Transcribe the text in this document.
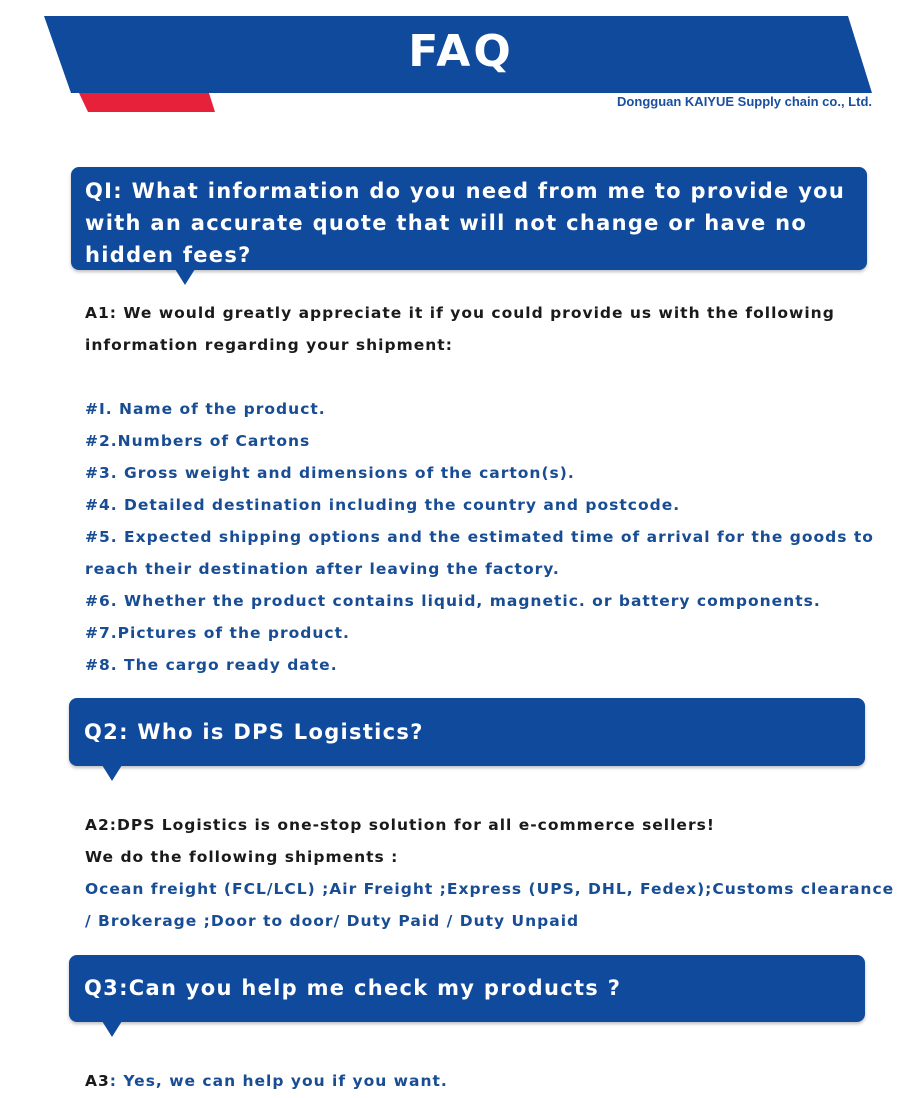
FAQ
Dongguan KAIYUE Supply chain co., Ltd.

QI: What information do you need from me to provide you with an accurate quote that will not change or have no hidden fees?

A1: We would greatly appreciate it if you could provide us with the following

information regarding your shipment:

#I. Name of the product.

#2.Numbers of Cartons

#3. Gross weight and dimensions of the carton(s).

#4. Detailed destination including the country and postcode.

#5. Expected shipping options and the estimated time of arrival for the goods to

reach their destination after leaving the factory.

#6. Whether the product contains liquid, magnetic. or battery components.

#7.Pictures of the product.

#8. The cargo ready date.

Q2: Who is DPS Logistics?

A2:DPS Logistics is one-stop solution for all e-commerce sellers!

We do the following shipments :

Ocean freight (FCL/LCL) ;Air Freight ;Express (UPS, DHL, Fedex);Customs clearance

/ Brokerage ;Door to door/ Duty Paid / Duty Unpaid

Q3:Can you help me check my products ?

A3: Yes, we can help you if you want.
